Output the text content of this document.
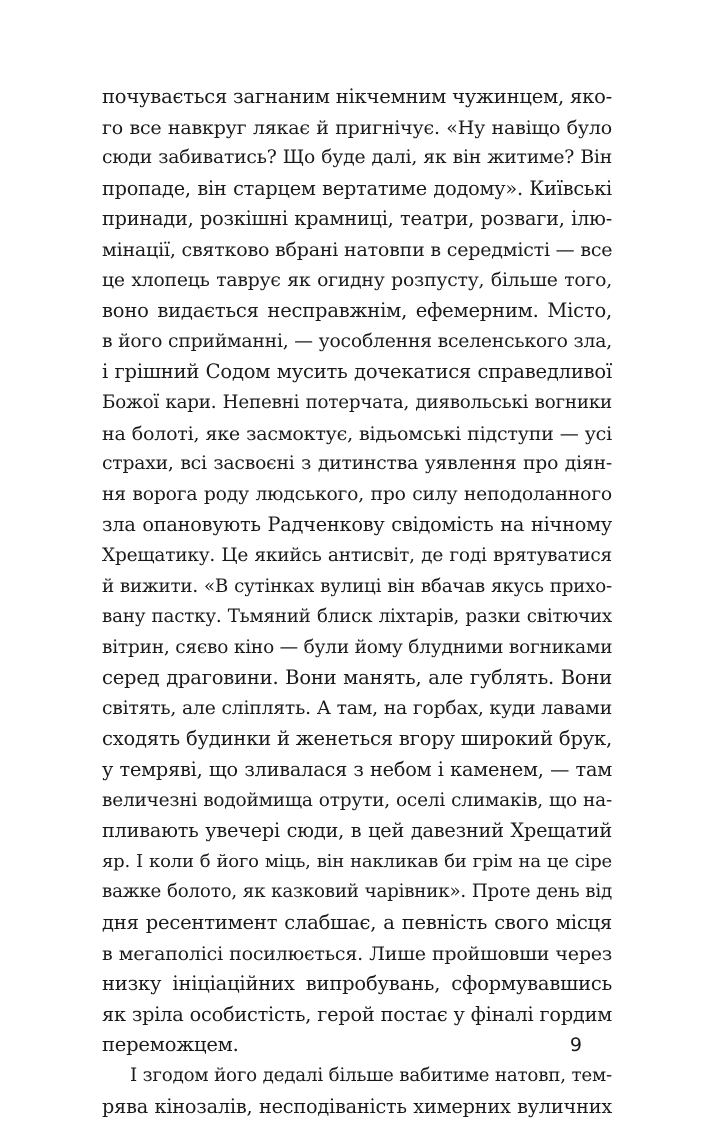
почувається загнаним нікчемним чужинцем, яко-
го все навкруг лякає й пригнічує. «Ну навіщо було
сюди забиватись? Що буде далі, як він житиме? Він
пропаде, він старцем вертатиме додому». Київські
принади, розкішні крамниці, театри, розваги, ілю-
мінації, святково вбрані натовпи в середмісті — все
це хлопець таврує як огидну розпусту, більше того,
воно видається несправжнім, ефемерним. Місто,
в його сприйманні, — уособлення вселенського зла,
і грішний Содом мусить дочекатися справедливої
Божої кари. Непевні потерчата, диявольські вогники
на болоті, яке засмоктує, відьомські підступи — усі
страхи, всі засвоєні з дитинства уявлення про діян-
ня ворога роду людського, про силу неподоланного
зла опановують Радченкову свідомість на нічному
Хрещатику. Це якийсь антисвіт, де годі врятуватися
й вижити. «В сутінках вулиці він вбачав якусь прихо-
вану пастку. Тьмяний блиск ліхтарів, разки світючих
вітрин, сяєво кіно — були йому блудними вогниками
серед драговини. Вони манять, але гублять. Вони
світять, але сліплять. А там, на горбах, куди лавами
сходять будинки й женеться вгору широкий брук,
у темряві, що зливалася з небом і каменем, — там
величезні водоймища отрути, оселі слимаків, що на-
пливають увечері сюди, в цей давезний Хрещатий
яр. І коли б його міць, він накликав би грім на це сіре
важке болото, як казковий чарівник». Проте день від
дня ресентимент слабшає, а певність свого місця
в мегаполісі посилюється. Лише пройшовши через
низку ініціаційних випробувань, сформувавшись
як зріла особистість, герой постає у фіналі гордим
переможцем.
І згодом його дедалі більше вабитиме натовп, тем-
рява кінозалів, несподіваність химерних вуличних
9
